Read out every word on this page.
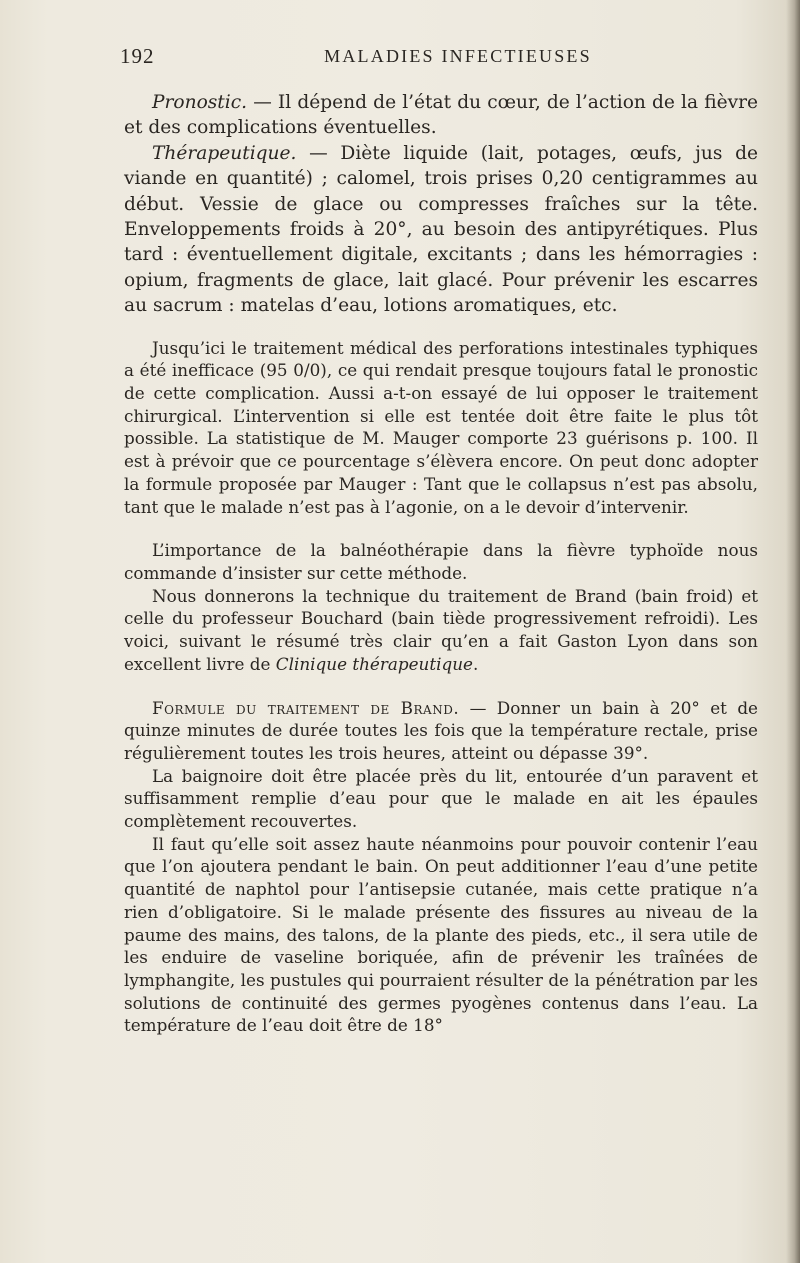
192	MALADIES INFECTIEUSES

Pronostic. — Il dépend de l’état du cœur, de l’action de la fièvre et des complications éventuelles.

Thérapeutique. — Diète liquide (lait, potages, œufs, jus de viande en quantité) ; calomel, trois prises 0,20 centigrammes au début. Vessie de glace ou compresses fraîches sur la tête. Enveloppements froids à 20°, au besoin des antipyrétiques. Plus tard : éventuellement digitale, excitants ; dans les hémorragies : opium, fragments de glace, lait glacé. Pour prévenir les escarres au sacrum : matelas d’eau, lotions aromatiques, etc.

Jusqu’ici le traitement médical des perforations intestinales typhiques a été inefficace (95 0/0), ce qui rendait presque toujours fatal le pronostic de cette complication. Aussi a-t-on essayé de lui opposer le traitement chirurgical. L’intervention si elle est tentée doit être faite le plus tôt possible. La statistique de M. Mauger comporte 23 guérisons p. 100. Il est à prévoir que ce pourcentage s’élèvera encore. On peut donc adopter la formule proposée par Mauger : Tant que le collapsus n’est pas absolu, tant que le malade n’est pas à l’agonie, on a le devoir d’intervenir.

L’importance de la balnéothérapie dans la fièvre typhoïde nous commande d’insister sur cette méthode.

Nous donnerons la technique du traitement de Brand (bain froid) et celle du professeur Bouchard (bain tiède progressivement refroidi). Les voici, suivant le résumé très clair qu’en a fait Gaston Lyon dans son excellent livre de Clinique thérapeutique.

Formule du traitement de Brand. — Donner un bain à 20° et de quinze minutes de durée toutes les fois que la température rectale, prise régulièrement toutes les trois heures, atteint ou dépasse 39°.

La baignoire doit être placée près du lit, entourée d’un paravent et suffisamment remplie d’eau pour que le malade en ait les épaules complètement recouvertes.

Il faut qu’elle soit assez haute néanmoins pour pouvoir contenir l’eau que l’on ajoutera pendant le bain. On peut additionner l’eau d’une petite quantité de naphtol pour l’antisepsie cutanée, mais cette pratique n’a rien d’obligatoire. Si le malade présente des fissures au niveau de la paume des mains, des talons, de la plante des pieds, etc., il sera utile de les enduire de vaseline boriquée, afin de prévenir les traînées de lymphangite, les pustules qui pourraient résulter de la pénétration par les solutions de continuité des germes pyogènes contenus dans l’eau. La température de l’eau doit être de 18°
